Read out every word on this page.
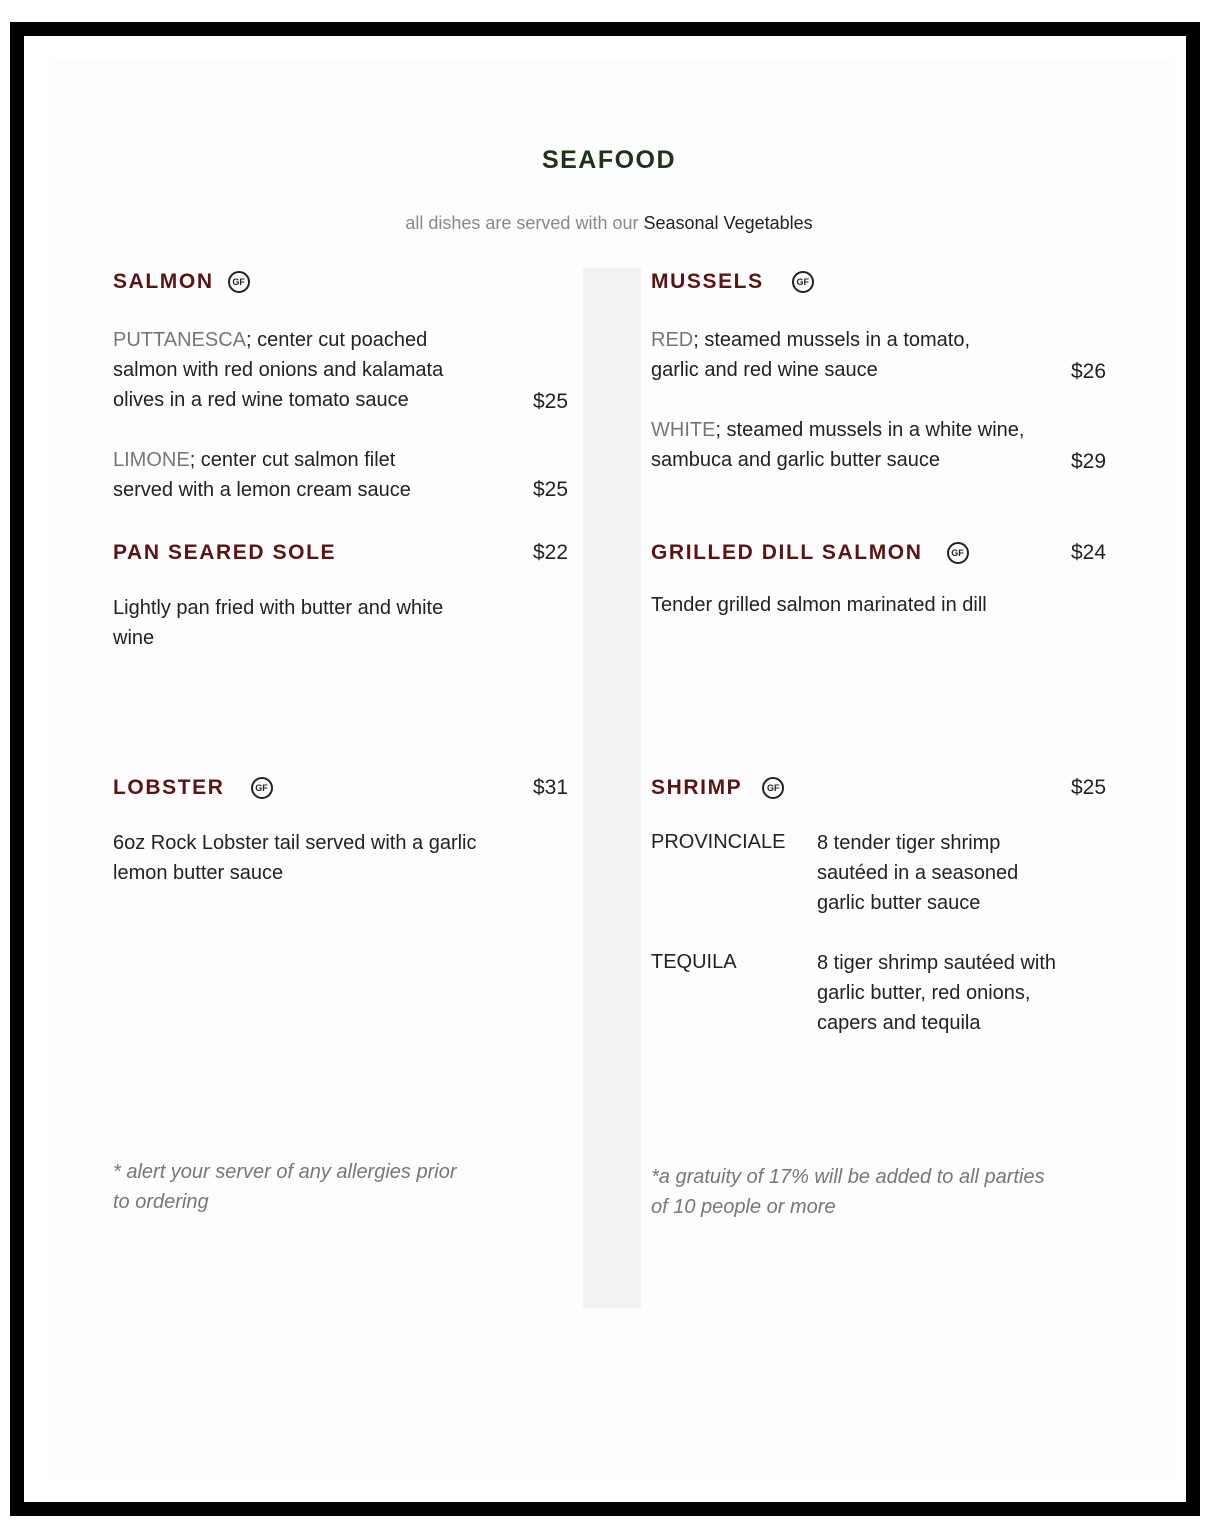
SEAFOOD
all dishes are served with our Seasonal Vegetables
SALMON	GF
PUTTANESCA; center cut poached salmon with red onions and kalamata olives in a red wine tomato sauce	$25
LIMONE; center cut salmon filet served with a lemon cream sauce	$25
PAN SEARED SOLE	$22
Lightly pan fried with butter and white wine
LOBSTER	GF	$31
6oz Rock Lobster tail served with a garlic lemon butter sauce
MUSSELS	GF
RED; steamed mussels in a tomato, garlic and red wine sauce	$26
WHITE; steamed mussels in a white wine, sambuca and garlic butter sauce	$29
GRILLED DILL SALMON	GF	$24
Tender grilled salmon marinated in dill
SHRIMP	GF	$25
PROVINCIALE 8 tender tiger shrimp sautéed in a seasoned garlic butter sauce
TEQUILA	8 tiger shrimp sautéed with garlic butter, red onions, capers and tequila
* alert your server of any allergies prior to ordering
*a gratuity of 17% will be added to all parties of 10 people or more
